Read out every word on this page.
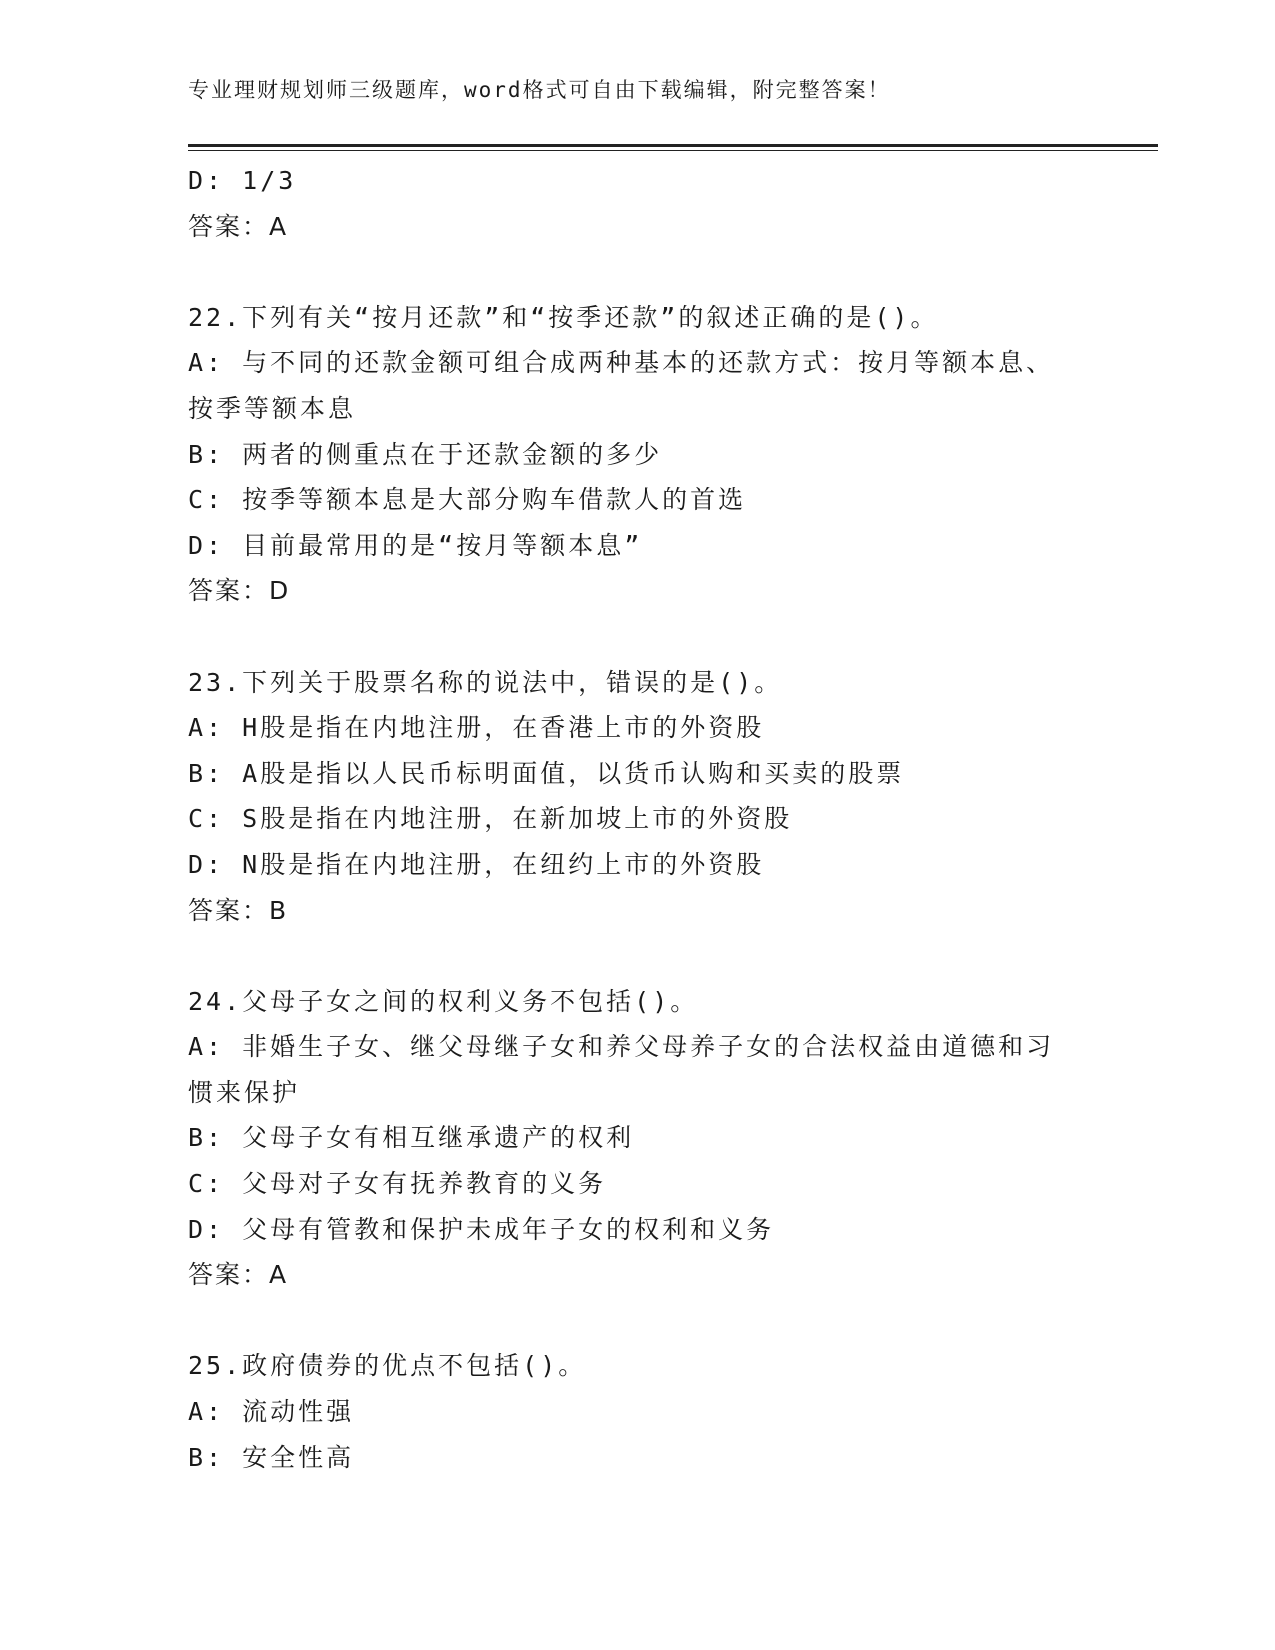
专业理财规划师三级题库，word格式可自由下载编辑，附完整答案！
D: 1/3
答案：A
22.下列有关“按月还款”和“按季还款”的叙述正确的是()。
A: 与不同的还款金额可组合成两种基本的还款方式：按月等额本息、
按季等额本息
B: 两者的侧重点在于还款金额的多少
C: 按季等额本息是大部分购车借款人的首选
D: 目前最常用的是“按月等额本息”
答案：D
23.下列关于股票名称的说法中，错误的是()。
A: H股是指在内地注册，在香港上市的外资股
B: A股是指以人民币标明面值，以货币认购和买卖的股票
C: S股是指在内地注册，在新加坡上市的外资股
D: N股是指在内地注册，在纽约上市的外资股
答案：B
24.父母子女之间的权利义务不包括()。
A: 非婚生子女、继父母继子女和养父母养子女的合法权益由道德和习
惯来保护
B: 父母子女有相互继承遗产的权利
C: 父母对子女有抚养教育的义务
D: 父母有管教和保护未成年子女的权利和义务
答案：A
25.政府债券的优点不包括()。
A: 流动性强
B: 安全性高
